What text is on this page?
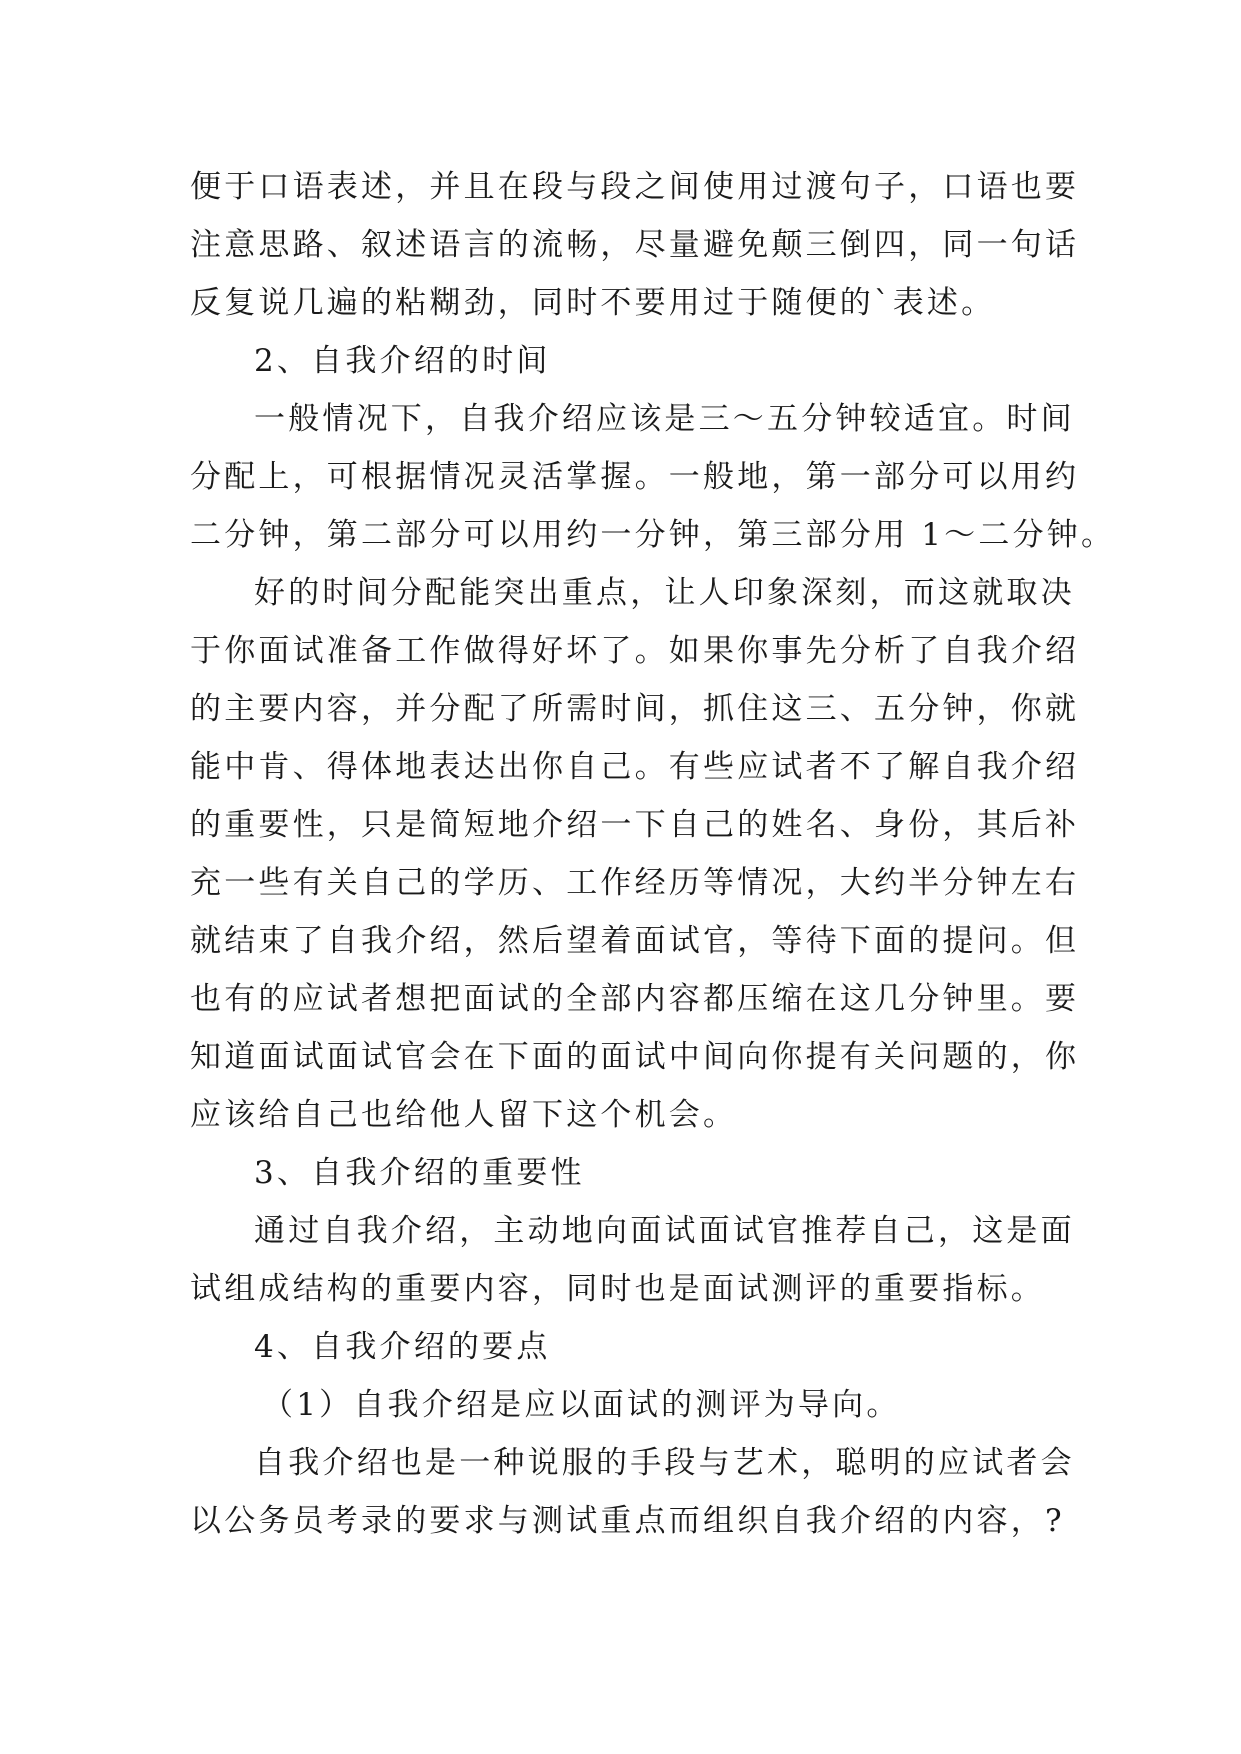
便于口语表述，并且在段与段之间使用过渡句子，口语也要
注意思路、叙述语言的流畅，尽量避免颠三倒四，同一句话
反复说几遍的粘糊劲，同时不要用过于随便的`表述。
2、自我介绍的时间
一般情况下，自我介绍应该是三～五分钟较适宜。时间
分配上，可根据情况灵活掌握。一般地，第一部分可以用约
二分钟，第二部分可以用约一分钟，第三部分用 1～二分钟。
好的时间分配能突出重点，让人印象深刻，而这就取决
于你面试准备工作做得好坏了。如果你事先分析了自我介绍
的主要内容，并分配了所需时间，抓住这三、五分钟，你就
能中肯、得体地表达出你自己。有些应试者不了解自我介绍
的重要性，只是简短地介绍一下自己的姓名、身份，其后补
充一些有关自己的学历、工作经历等情况，大约半分钟左右
就结束了自我介绍，然后望着面试官，等待下面的提问。但
也有的应试者想把面试的全部内容都压缩在这几分钟里。要
知道面试面试官会在下面的面试中间向你提有关问题的，你
应该给自己也给他人留下这个机会。
3、自我介绍的重要性
通过自我介绍，主动地向面试面试官推荐自己，这是面
试组成结构的重要内容，同时也是面试测评的重要指标。
4、自我介绍的要点
（1）自我介绍是应以面试的测评为导向。
自我介绍也是一种说服的手段与艺术，聪明的应试者会
以公务员考录的要求与测试重点而组织自我介绍的内容，?
